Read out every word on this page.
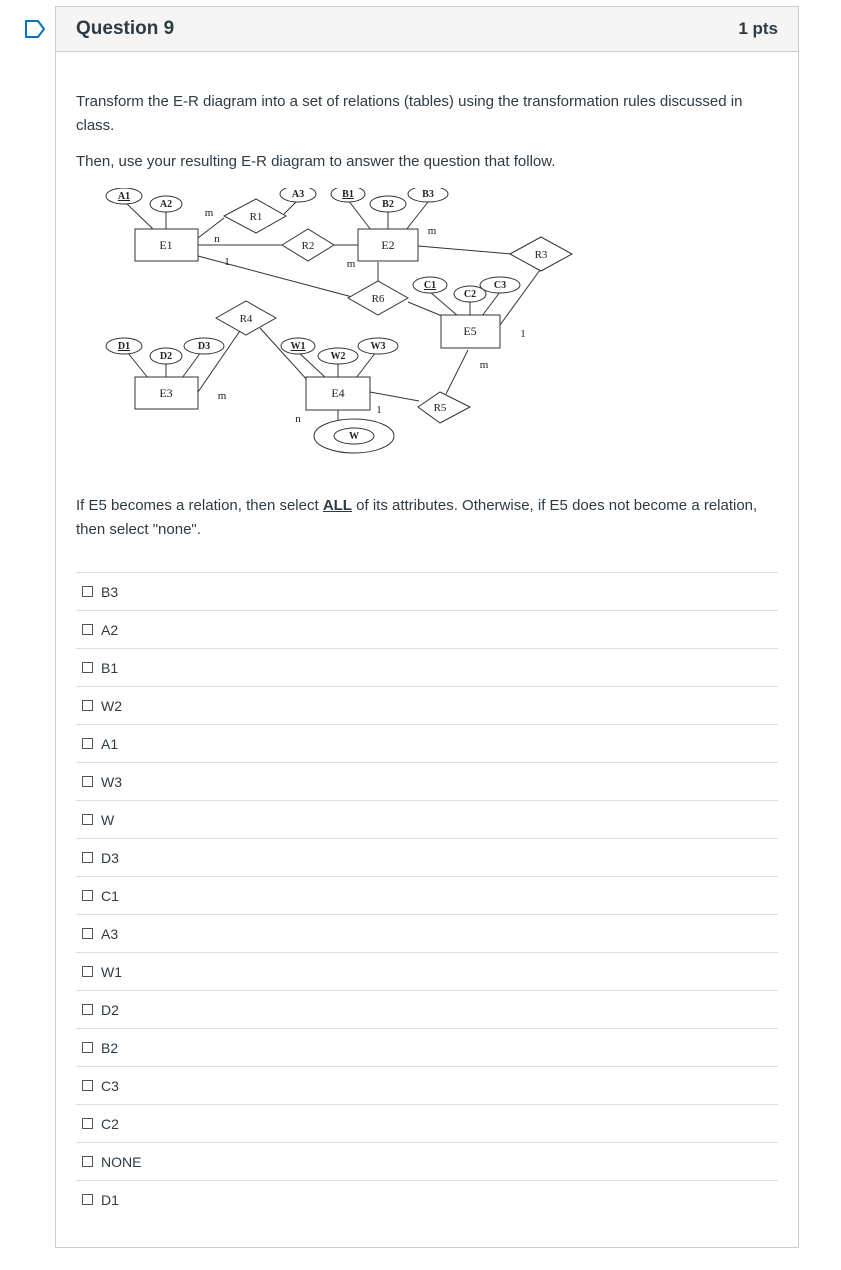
Question 9	1 pts

Transform the E-R diagram into a set of relations (tables) using the transformation rules discussed in class.

Then, use your resulting E-R diagram to answer the question that follow.

A1
A2
A3	B1
B2
B3
C1
C2
C3
D1
D2
D3	W1
W2
W3
W
E1	E2
E3	E4
E5
R1
R2
R3
R4
R5
R6
m
n
1
m
m
1
m
n
1
m

If E5 becomes a relation, then select ALL of its attributes. Otherwise, if E5 does not become a relation, then select "none".

B3
A2
B1
W2
A1
W3
W
D3
C1
A3
W1
D2
B2
C3
C2
NONE
D1
